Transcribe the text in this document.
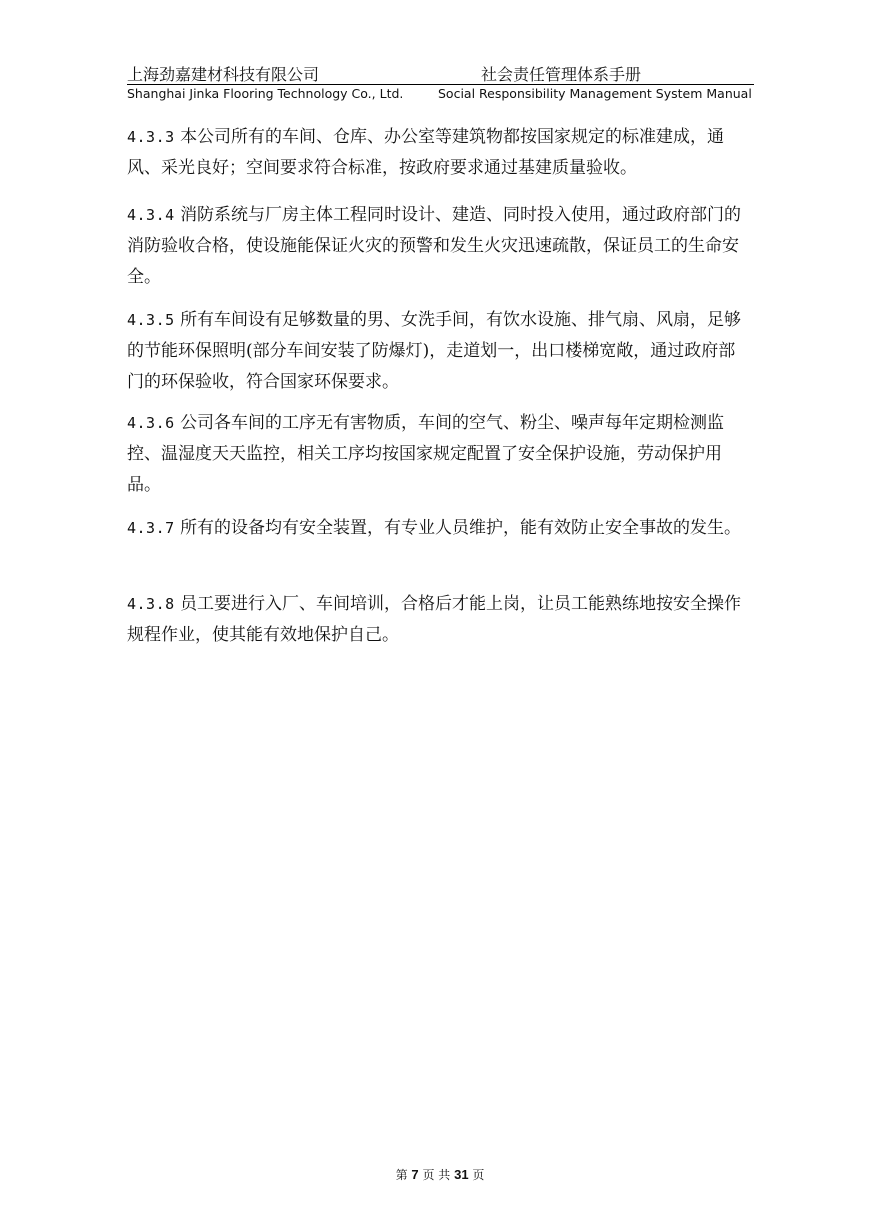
上海劲嘉建材科技有限公司	社会责任管理体系手册
Shanghai Jinka Flooring Technology Co., Ltd.	Social Responsibility Management System Manual
4.3.3 本公司所有的车间、仓库、办公室等建筑物都按国家规定的标准建成，通风、采光良好；空间要求符合标准，按政府要求通过基建质量验收。
4.3.4 消防系统与厂房主体工程同时设计、建造、同时投入使用，通过政府部门的消防验收合格，使设施能保证火灾的预警和发生火灾迅速疏散，保证员工的生命安全。
4.3.5 所有车间设有足够数量的男、女洗手间，有饮水设施、排气扇、风扇，足够的节能环保照明(部分车间安装了防爆灯)，走道划一，出口楼梯宽敞，通过政府部门的环保验收，符合国家环保要求。
4.3.6 公司各车间的工序无有害物质，车间的空气、粉尘、噪声每年定期检测监控、温湿度天天监控，相关工序均按国家规定配置了安全保护设施，劳动保护用品。
4.3.7 所有的设备均有安全装置，有专业人员维护，能有效防止安全事故的发生。
4.3.8 员工要进行入厂、车间培训，合格后才能上岗，让员工能熟练地按安全操作规程作业，使其能有效地保护自己。
第 7 页 共 31 页
